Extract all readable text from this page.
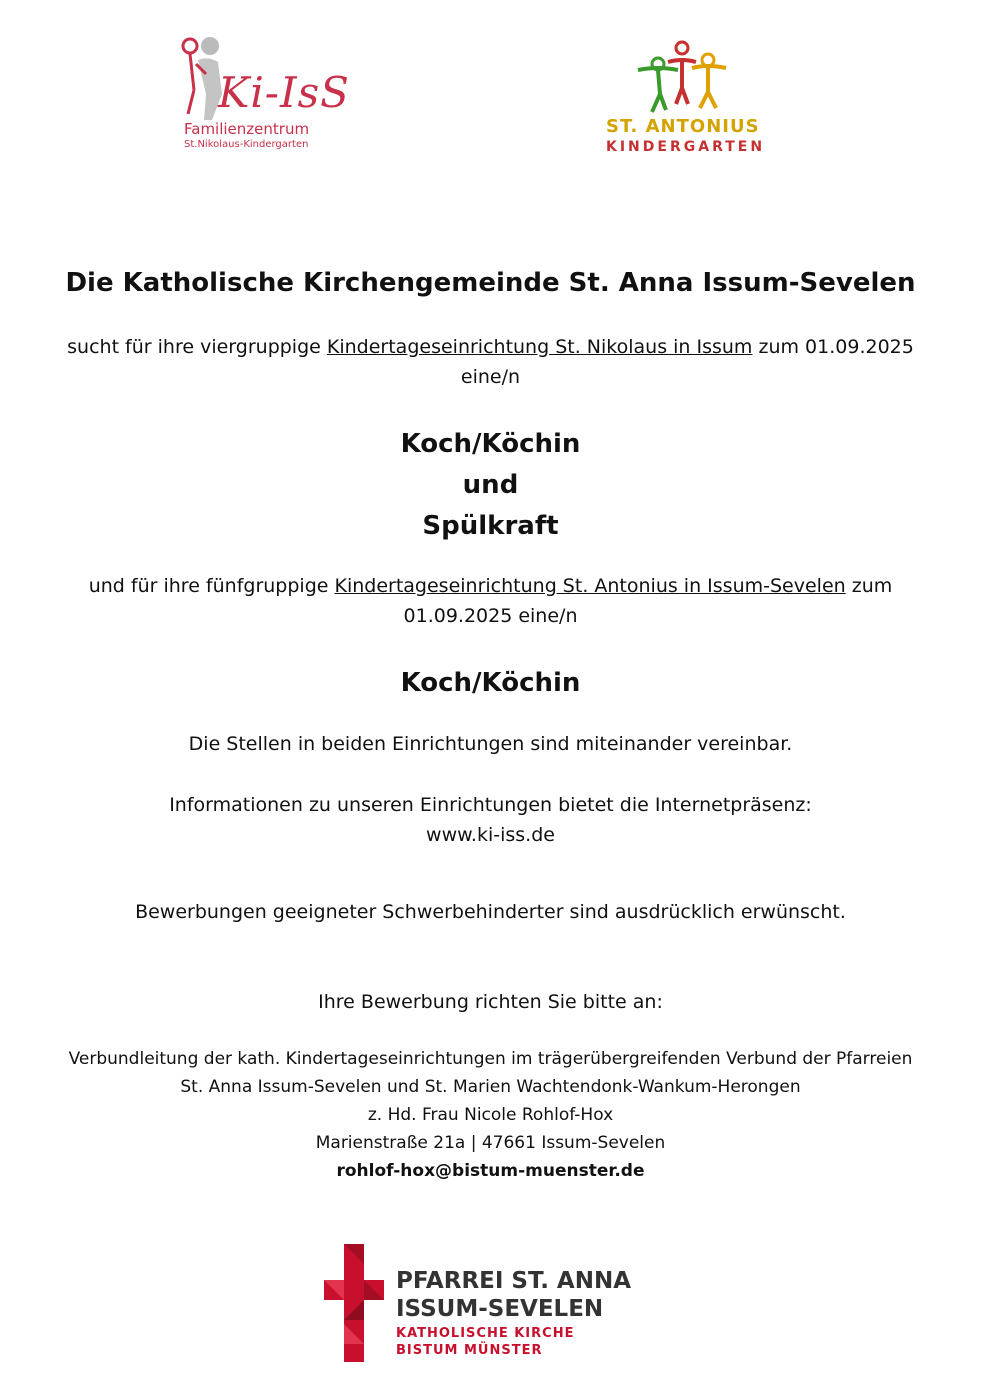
Ki-IsS
Familienzentrum
St.Nikolaus-Kindergarten
ST. ANTONIUS
KINDERGARTEN
Die Katholische Kirchengemeinde St. Anna Issum-Sevelen
sucht für ihre viergruppige Kindertageseinrichtung St. Nikolaus in Issum zum 01.09.2025
eine/n
Koch/Köchin
und
Spülkraft
und für ihre fünfgruppige Kindertageseinrichtung St. Antonius in Issum-Sevelen zum
01.09.2025 eine/n
Koch/Köchin
Die Stellen in beiden Einrichtungen sind miteinander vereinbar.
Informationen zu unseren Einrichtungen bietet die Internetpräsenz:
www.ki-iss.de
Bewerbungen geeigneter Schwerbehinderter sind ausdrücklich erwünscht.
Ihre Bewerbung richten Sie bitte an:
Verbundleitung der kath. Kindertageseinrichtungen im trägerübergreifenden Verbund der Pfarreien
St. Anna Issum-Sevelen und St. Marien Wachtendonk-Wankum-Herongen
z. Hd. Frau Nicole Rohlof-Hox
Marienstraße 21a | 47661 Issum-Sevelen
rohlof-hox@bistum-muenster.de
PFARREI ST. ANNA
ISSUM-SEVELEN
KATHOLISCHE KIRCHE
BISTUM MÜNSTER
